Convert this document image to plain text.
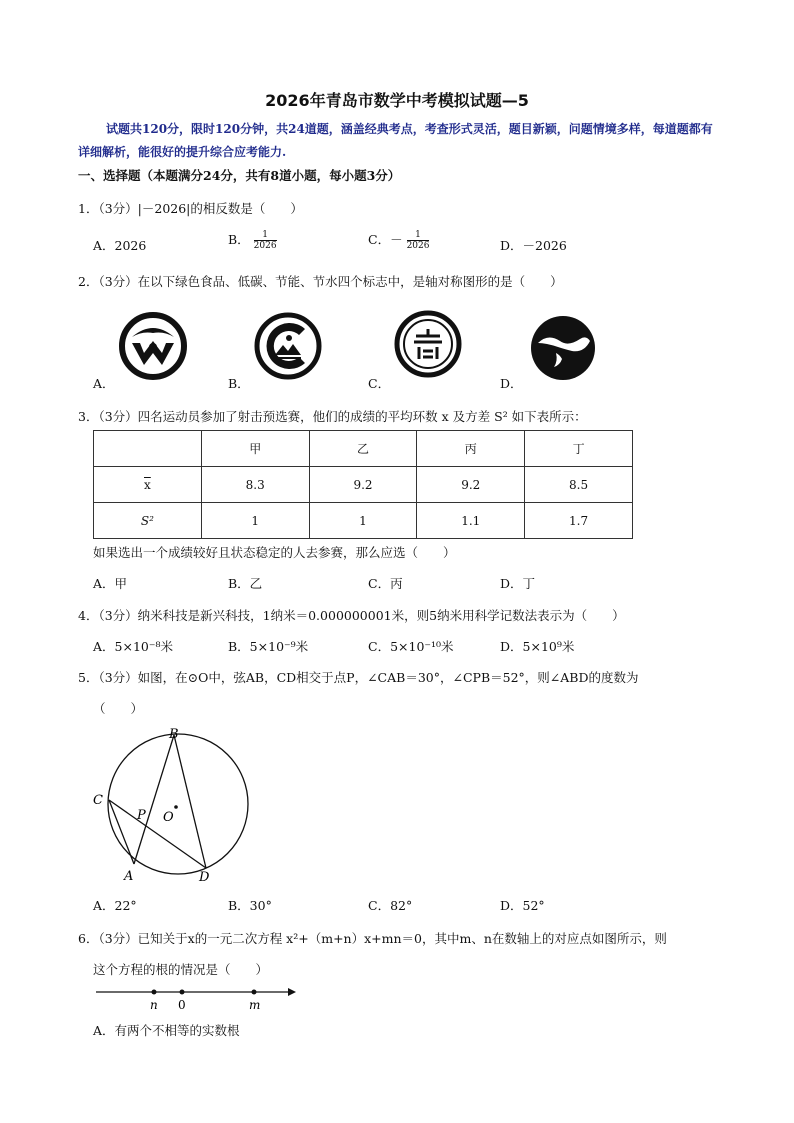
2026年青岛市数学中考模拟试题—5
试题共120分，限时120分钟，共24道题，涵盖经典考点，考查形式灵活，题目新颖，问题情境多样，每道题都有详细解析，能很好的提升综合应考能力.
一、选择题（本题满分24分，共有8道小题，每小题3分）
1．（3分）|－2026|的相反数是（　　）
A．2026	B． $\frac{1}{2026}$	C．－ $\frac{1}{2026}$	D．－2026
2．（3分）在以下绿色食品、低碳、节能、节水四个标志中，是轴对称图形的是（　　）
A．	B．	C．	D．
3．（3分）四名运动员参加了射击预选赛，他们的成绩的平均环数 x 及方差 S² 如下表所示：
	甲	乙	丙	丁
$\overline{x}$	8.3	9.2	9.2	8.5
S²	1	1	1.1	1.7
如果选出一个成绩较好且状态稳定的人去参赛，那么应选（　　）
A．甲	B．乙	C．丙	D．丁
4．（3分）纳米科技是新兴科技，1纳米＝0.000000001米，则5纳米用科学记数法表示为（　　）
A．5×10⁻⁸米	B．5×10⁻⁹米	C．5×10⁻¹⁰米	D．5×10⁹米
5．（3分）如图，在⊙O中，弦AB，CD相交于点P，∠CAB＝30°，∠CPB＝52°，则∠ABD的度数为
（　　）
B
C
P O
A	D
A．22°	B．30°	C．82°	D．52°
6．（3分）已知关于x的一元二次方程 x²+（m+n）x+mn＝0，其中m、n在数轴上的对应点如图所示，则
这个方程的根的情况是（　　）
n 0	m
A．有两个不相等的实数根
